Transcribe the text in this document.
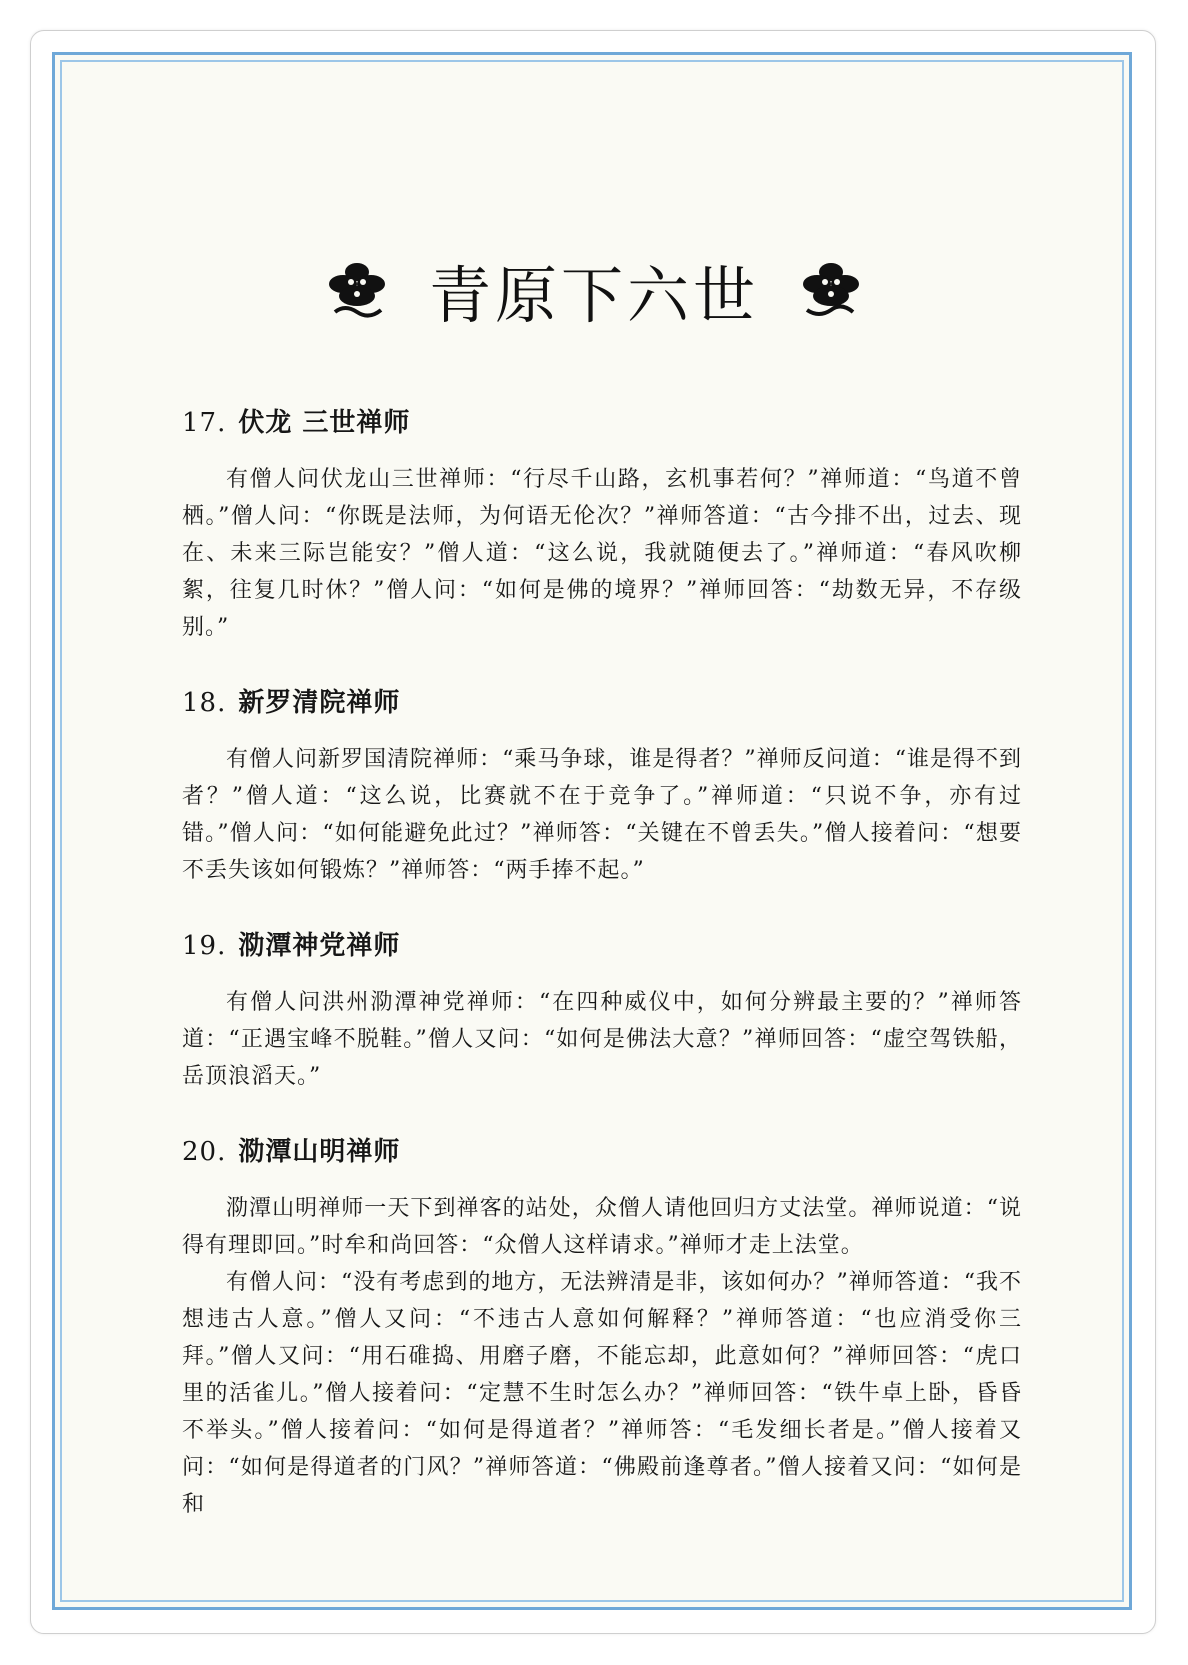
青原下六世
17. 伏龙 三世禅师

有僧人问伏龙山三世禅师：“行尽千山路，玄机事若何？”禅师道：“鸟道不曾栖。”僧人问：“你既是法师，为何语无伦次？”禅师答道：“古今排不出，过去、现在、未来三际岂能安？”僧人道：“这么说，我就随便去了。”禅师道：“春风吹柳絮，往复几时休？”僧人问：“如何是佛的境界？”禅师回答：“劫数无异，不存级别。”

18. 新罗清院禅师

有僧人问新罗国清院禅师：“乘马争球，谁是得者？”禅师反问道：“谁是得不到者？”僧人道：“这么说，比赛就不在于竞争了。”禅师道：“只说不争，亦有过错。”僧人问：“如何能避免此过？”禅师答：“关键在不曾丢失。”僧人接着问：“想要不丢失该如何锻炼？”禅师答：“两手捧不起。”

19. 泐潭神党禅师

有僧人问洪州泐潭神党禅师：“在四种威仪中，如何分辨最主要的？”禅师答道：“正遇宝峰不脱鞋。”僧人又问：“如何是佛法大意？”禅师回答：“虚空驾铁船，岳顶浪滔天。”

20. 泐潭山明禅师

泐潭山明禅师一天下到禅客的站处，众僧人请他回归方丈法堂。禅师说道：“说得有理即回。”时牟和尚回答：“众僧人这样请求。”禅师才走上法堂。

有僧人问：“没有考虑到的地方，无法辨清是非，该如何办？”禅师答道：“我不想违古人意。”僧人又问：“不违古人意如何解释？”禅师答道：“也应消受你三拜。”僧人又问：“用石碓捣、用磨子磨，不能忘却，此意如何？”禅师回答：“虎口里的活雀儿。”僧人接着问：“定慧不生时怎么办？”禅师回答：“铁牛卓上卧，昏昏不举头。”僧人接着问：“如何是得道者？”禅师答：“毛发细长者是。”僧人接着又问：“如何是得道者的门风？”禅师答道：“佛殿前逢尊者。”僧人接着又问：“如何是和
